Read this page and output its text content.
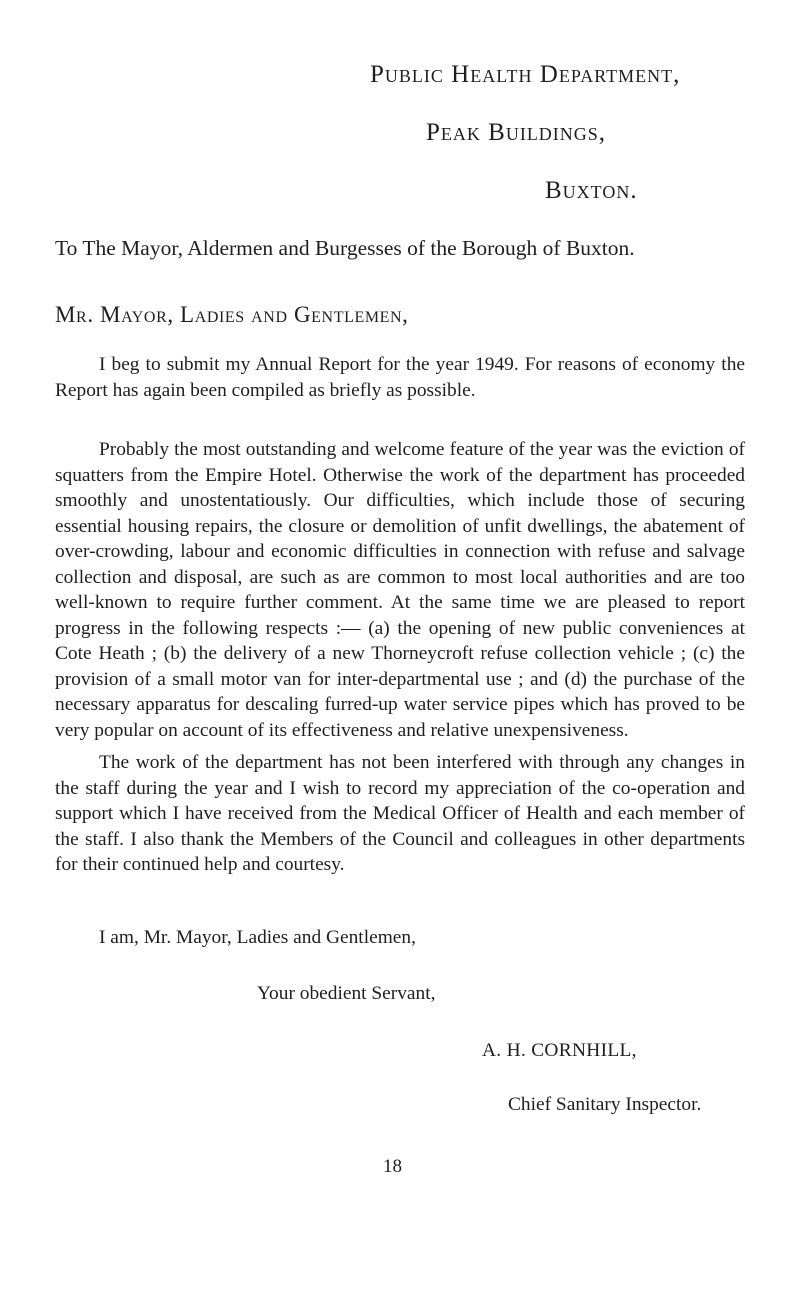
Public Health Department,
Peak Buildings,
Buxton.
To The Mayor, Aldermen and Burgesses of the Borough of Buxton.
Mr. Mayor, Ladies and Gentlemen,

I beg to submit my Annual Report for the year 1949. For reasons of economy the Report has again been compiled as briefly as possible.

Probably the most outstanding and welcome feature of the year was the eviction of squatters from the Empire Hotel. Otherwise the work of the department has proceeded smoothly and unostentatiously. Our difficulties, which include those of securing essential housing repairs, the closure or demolition of unfit dwellings, the abatement of over-crowding, labour and economic difficulties in connection with refuse and salvage collection and disposal, are such as are common to most local authorities and are too well-known to require further comment. At the same time we are pleased to report progress in the following respects :— (a) the opening of new public conveniences at Cote Heath ; (b) the delivery of a new Thorneycroft refuse collection vehicle ; (c) the provision of a small motor van for inter-departmental use ; and (d) the purchase of the necessary apparatus for descaling furred-up water service pipes which has proved to be very popular on account of its effectiveness and relative unexpensiveness.

The work of the department has not been interfered with through any changes in the staff during the year and I wish to record my appreciation of the co-operation and support which I have received from the Medical Officer of Health and each member of the staff. I also thank the Members of the Council and colleagues in other departments for their continued help and courtesy.

I am, Mr. Mayor, Ladies and Gentlemen,
Your obedient Servant,
A. H. CORNHILL,
Chief Sanitary Inspector.
18
